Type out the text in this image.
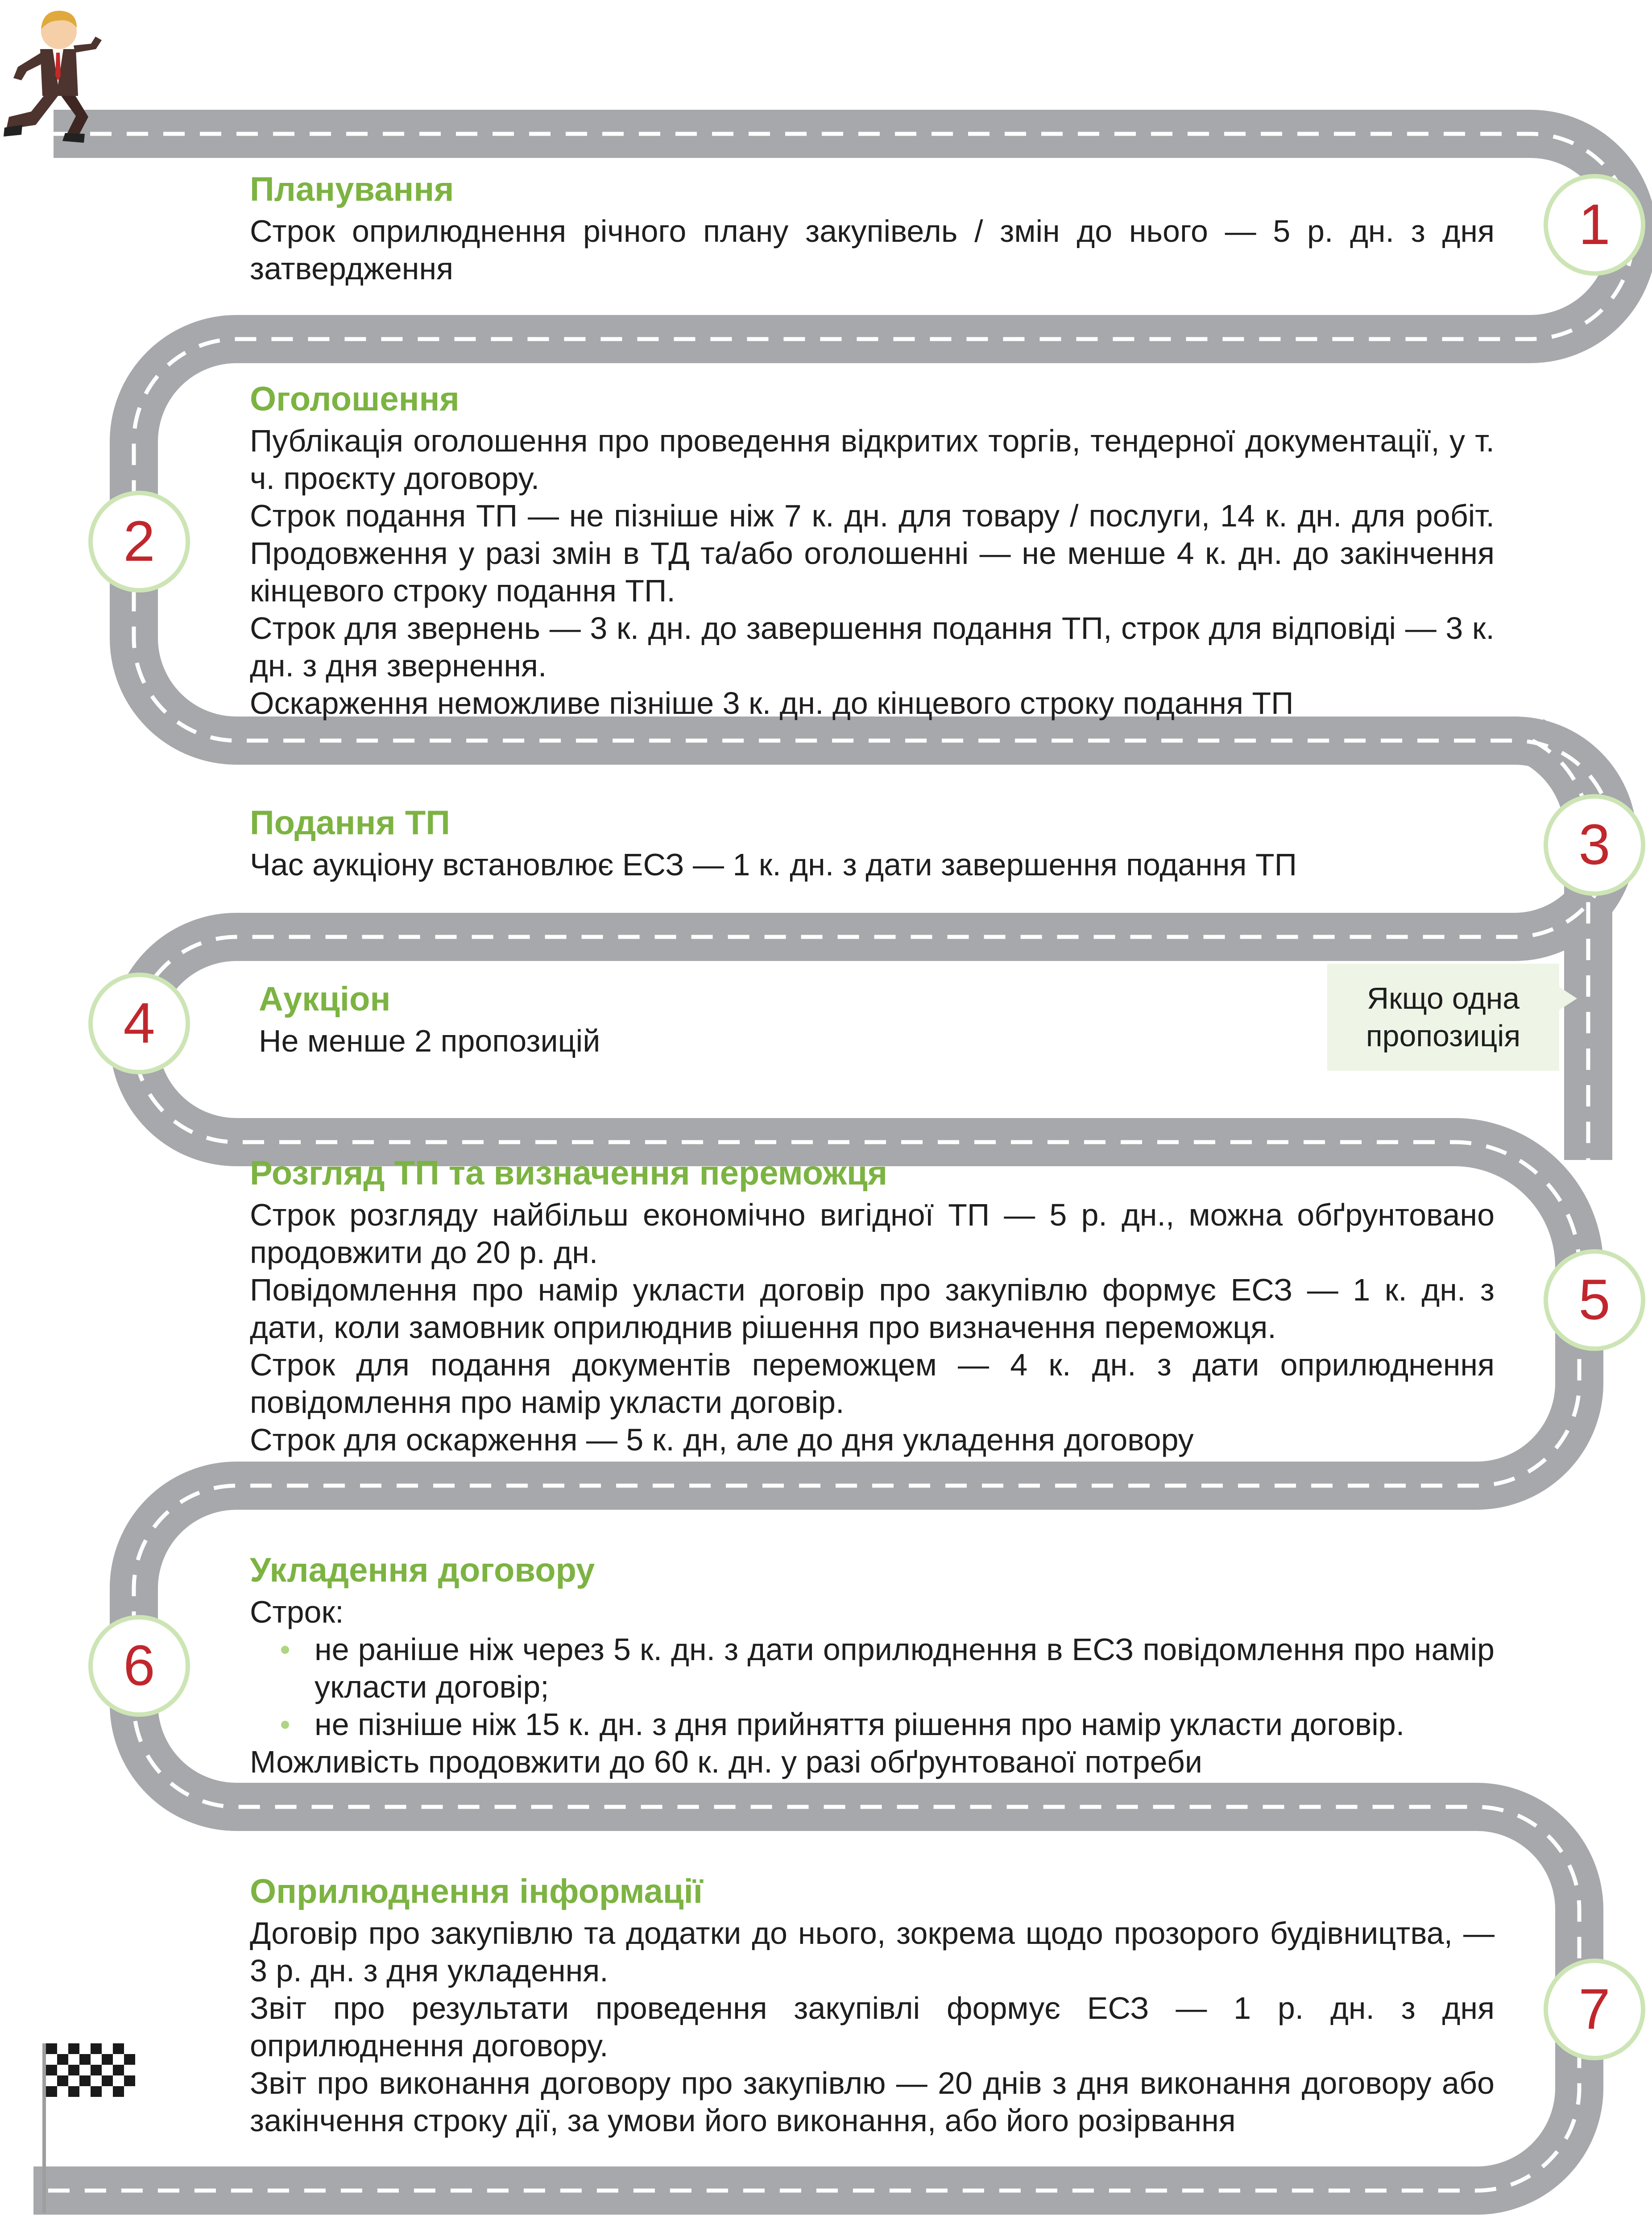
1
2
3
4
5
6
7
Планування

Строк оприлюднення річного плану закупівель / змін до нього — 5 р. дн. з дня затвердження

Оголошення

Публікація оголошення про проведення відкритих торгів, тендерної документації, у т. ч. проєкту договору.

Строк подання ТП — не пізніше ніж 7 к. дн. для товару / послуги, 14 к. дн. для робіт. Продовження у разі змін в ТД та/або оголошенні — не менше 4 к. дн. до закінчення кінцевого строку подання ТП.

Строк для звернень — 3 к. дн. до завершення подання ТП, строк для відповіді — 3 к. дн. з дня звернення.

Оскарження неможливе пізніше 3 к. дн. до кінцевого строку подання ТП

Подання ТП

Час аукціону встановлює ЕСЗ — 1 к. дн. з дати завершення подання ТП

Аукціон

Не менше 2 пропозицій

Якщо одна
пропозиція
Розгляд ТП та визначення переможця

Строк розгляду найбільш економічно вигідної ТП — 5 р. дн., можна обґрунтовано продовжити до 20 р. дн.

Повідомлення про намір укласти договір про закупівлю формує ЕСЗ — 1 к. дн. з дати, коли замовник оприлюднив рішення про визначення переможця.

Строк для подання документів переможцем — 4 к. дн. з дати оприлюднення повідомлення про намір укласти договір.

Строк для оскарження — 5 к. дн, але до дня укладення договору

Укладення договору

Строк:

не раніше ніж через 5 к. дн. з дати оприлюднення в ЕСЗ повідомлення про намір укласти договір;

не пізніше ніж 15 к. дн. з дня прийняття рішення про намір укласти договір.

Можливість продовжити до 60 к. дн. у разі обґрунтованої потреби

Оприлюднення інформації

Договір про закупівлю та додатки до нього, зокрема щодо прозорого будівництва, — 3 р. дн. з дня укладення.

Звіт про результати проведення закупівлі формує ЕСЗ — 1 р. дн. з дня оприлюднення договору.

Звіт про виконання договору про закупівлю — 20 днів з дня виконання договору або закінчення строку дії, за умови його виконання, або його розірвання
